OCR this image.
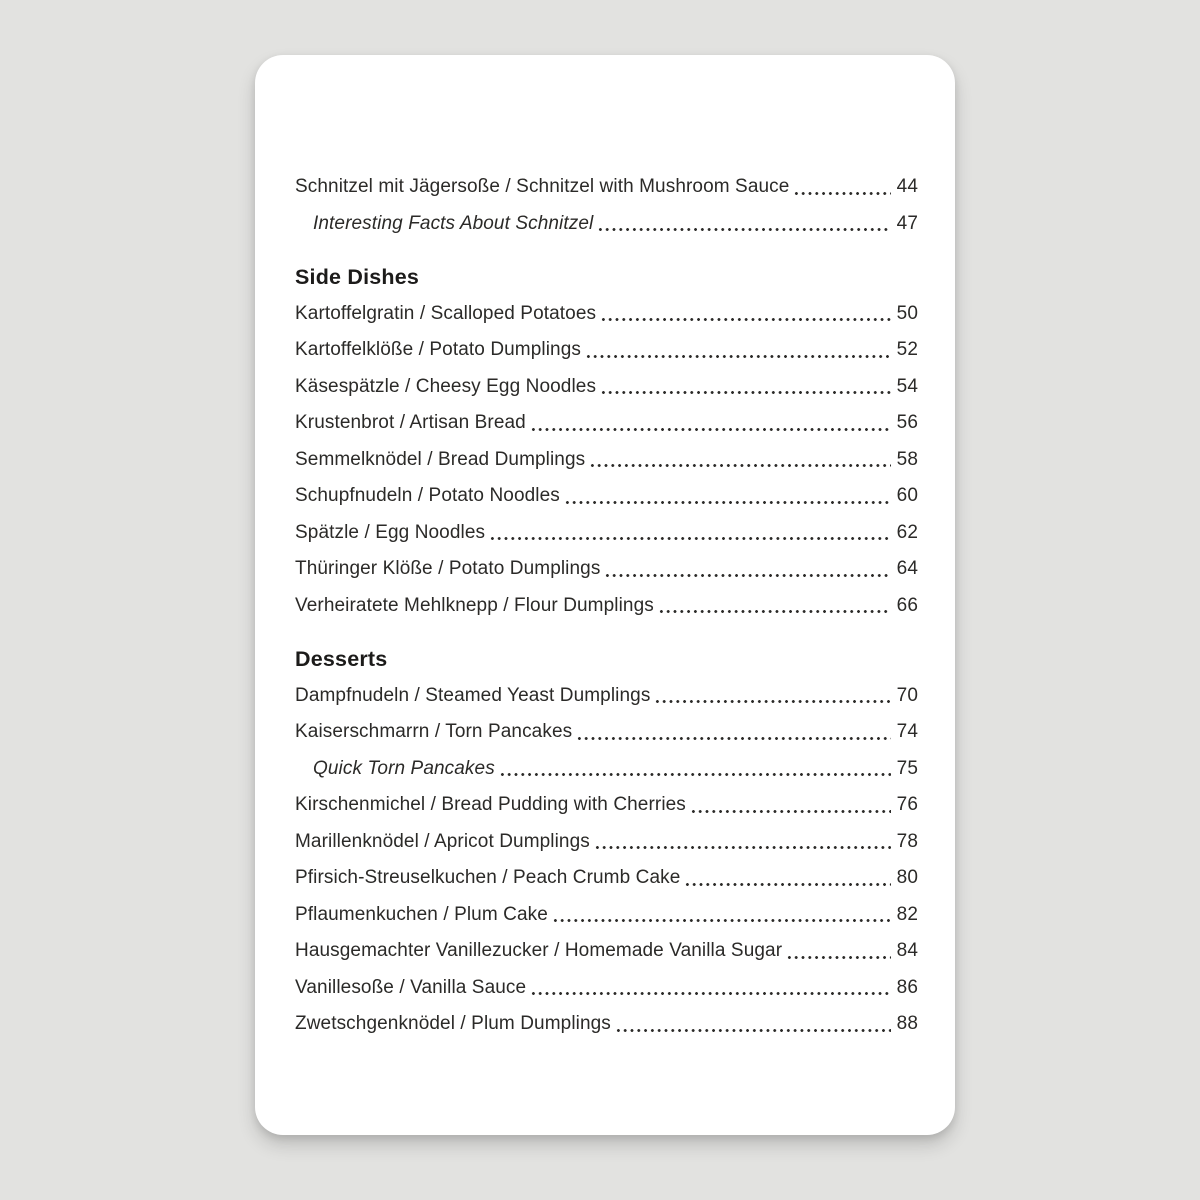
Schnitzel mit Jägersoße / Schnitzel with Mushroom Sauce	44
Interesting Facts About Schnitzel	47
Side Dishes
Kartoffelgratin / Scalloped Potatoes	50
Kartoffelklöße / Potato Dumplings	52
Käsespätzle / Cheesy Egg Noodles	54
Krustenbrot / Artisan Bread	56
Semmelknödel / Bread Dumplings	58
Schupfnudeln / Potato Noodles	60
Spätzle / Egg Noodles	62
Thüringer Klöße / Potato Dumplings	64
Verheiratete Mehlknepp / Flour Dumplings	66
Desserts
Dampfnudeln / Steamed Yeast Dumplings	70
Kaiserschmarrn / Torn Pancakes	74
Quick Torn Pancakes	75
Kirschenmichel / Bread Pudding with Cherries	76
Marillenknödel / Apricot Dumplings	78
Pfirsich-Streuselkuchen / Peach Crumb Cake	80
Pflaumenkuchen / Plum Cake	82
Hausgemachter Vanillezucker / Homemade Vanilla Sugar	84
Vanillesoße / Vanilla Sauce	86
Zwetschgenknödel / Plum Dumplings	88
